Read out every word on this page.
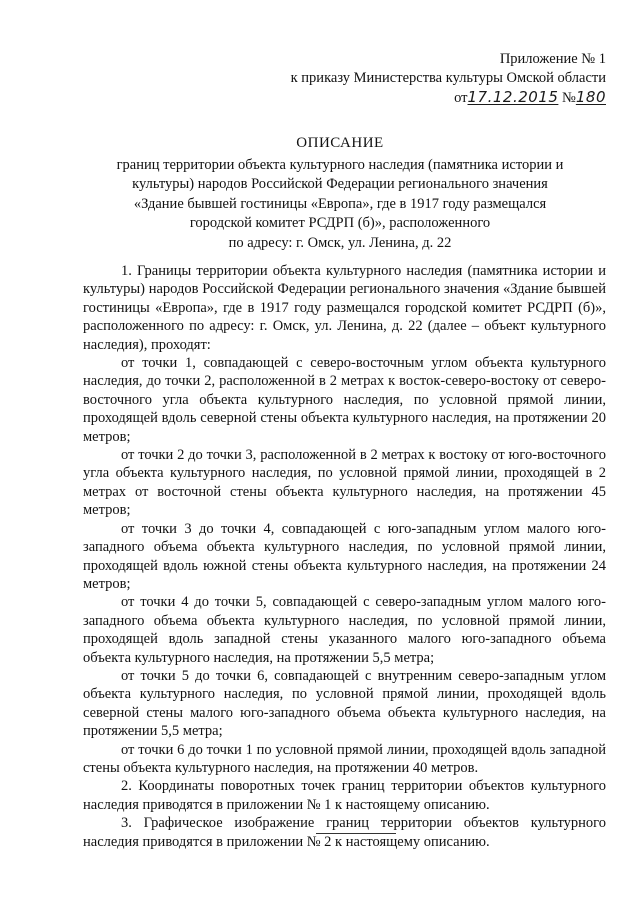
Приложение № 1
к приказу Министерства культуры Омской области
от17.12.2015 №180
ОПИСАНИЕ
границ территории объекта культурного наследия (памятника истории и
культуры) народов Российской Федерации регионального значения
«Здание бывшей гостиницы «Европа», где в 1917 году размещался
городской комитет РСДРП (б)», расположенного
по адресу: г. Омск, ул. Ленина, д. 22

1. Границы территории объекта культурного наследия (памятника истории и культуры) народов Российской Федерации регионального значения «Здание бывшей гостиницы «Европа», где в 1917 году размещался городской комитет РСДРП (б)», расположенного по адресу: г. Омск, ул. Ленина, д. 22 (далее – объект культурного наследия), проходят:

от точки 1, совпадающей с северо-восточным углом объекта культурного наследия, до точки 2, расположенной в 2 метрах к восток-северо-востоку от северо-восточного угла объекта культурного наследия, по условной прямой линии, проходящей вдоль северной стены объекта культурного наследия, на протяжении 20 метров;

от точки 2 до точки 3, расположенной в 2 метрах к востоку от юго-восточного угла объекта культурного наследия, по условной прямой линии, проходящей в 2 метрах от восточной стены объекта культурного наследия, на протяжении 45 метров;

от точки 3 до точки 4, совпадающей с юго-западным углом малого юго-западного объема объекта культурного наследия, по условной прямой линии, проходящей вдоль южной стены объекта культурного наследия, на протяжении 24 метров;

от точки 4 до точки 5, совпадающей с северо-западным углом малого юго-западного объема объекта культурного наследия, по условной прямой линии, проходящей вдоль западной стены указанного малого юго-западного объема объекта культурного наследия, на протяжении 5,5 метра;

от точки 5 до точки 6, совпадающей с внутренним северо-западным углом объекта культурного наследия, по условной прямой линии, проходящей вдоль северной стены малого юго-западного объема объекта культурного наследия, на протяжении 5,5 метра;

от точки 6 до точки 1 по условной прямой линии, проходящей вдоль западной стены объекта культурного наследия, на протяжении 40 метров.

2. Координаты поворотных точек границ территории объектов культурного наследия приводятся в приложении № 1 к настоящему описанию.

3. Графическое изображение границ территории объектов культурного наследия приводятся в приложении № 2 к настоящему описанию.
